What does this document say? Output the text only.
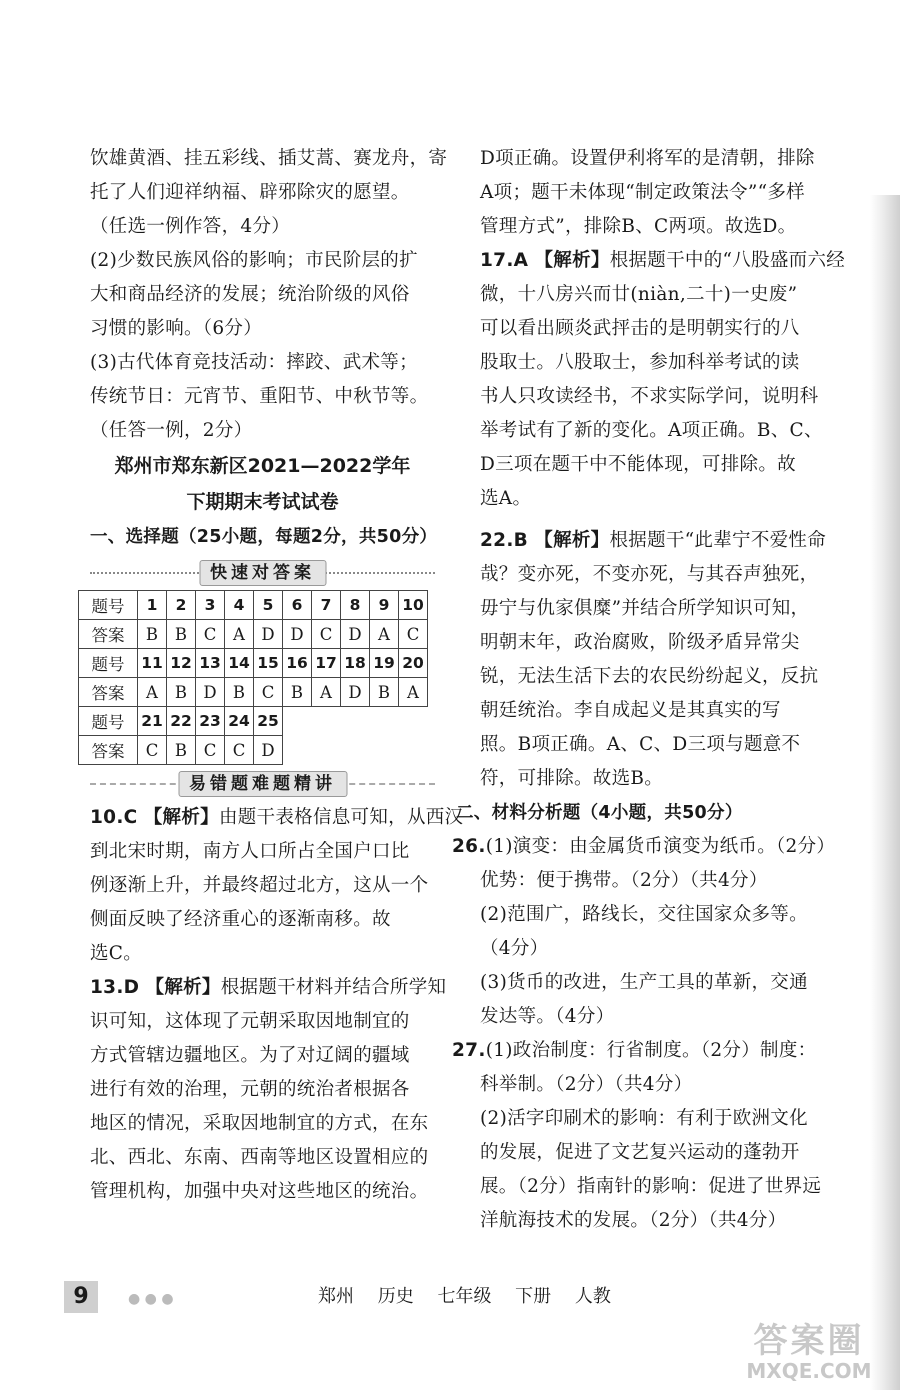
饮雄黄酒、挂五彩线、插艾蒿、赛龙舟，寄

托了人们迎祥纳福、辟邪除灾的愿望。

（任选一例作答，4分）

(2)少数民族风俗的影响；市民阶层的扩

大和商品经济的发展；统治阶级的风俗

习惯的影响。（6分）

(3)古代体育竞技活动：摔跤、武术等；

传统节日：元宵节、重阳节、中秋节等。

（任答一例，2分）

郑州市郑东新区2021—2022学年

下期期末考试试卷

一、选择题（25小题，每题2分，共50分）

快速对答案
题号	1	2	3	4	5	6	7	8	9	10
答案	B	B	C	A	D	D	C	D	A	C
题号	11	12	13	14	15	16	17	18	19	20
答案	A	B	D	B	C	B	A	D	B	A
题号	21	22	23	24	25					
答案	C	B	C	C	D					
易错题难题精讲

10.C 【解析】由题干表格信息可知，从西汉

到北宋时期，南方人口所占全国户口比

例逐渐上升，并最终超过北方，这从一个

侧面反映了经济重心的逐渐南移。故

选C。

13.D 【解析】根据题干材料并结合所学知

识可知，这体现了元朝采取因地制宜的

方式管辖边疆地区。为了对辽阔的疆域

进行有效的治理，元朝的统治者根据各

地区的情况，采取因地制宜的方式，在东

北、西北、东南、西南等地区设置相应的

管理机构，加强中央对这些地区的统治。

D项正确。设置伊利将军的是清朝，排除

A项；题干未体现“制定政策法令”“多样

管理方式”，排除B、C两项。故选D。

17.A 【解析】根据题干中的“八股盛而六经

微，十八房兴而廿(niàn,二十)一史废”

可以看出顾炎武抨击的是明朝实行的八

股取士。八股取士，参加科举考试的读

书人只攻读经书，不求实际学问，说明科

举考试有了新的变化。A项正确。B、C、

D三项在题干中不能体现，可排除。故

选A。

22.B 【解析】根据题干“此辈宁不爱性命

哉？变亦死，不变亦死，与其吞声独死，

毋宁与仇家俱糜”并结合所学知识可知，

明朝末年，政治腐败，阶级矛盾异常尖

锐，无法生活下去的农民纷纷起义，反抗

朝廷统治。李自成起义是其真实的写

照。B项正确。A、C、D三项与题意不

符，可排除。故选B。

二、材料分析题（4小题，共50分）

26.(1)演变：由金属货币演变为纸币。（2分）

优势：便于携带。（2分）（共4分）

(2)范围广，路线长，交往国家众多等。

（4分）

(3)货币的改进，生产工具的革新，交通

发达等。（4分）

27.(1)政治制度：行省制度。（2分）制度：

科举制。（2分）（共4分）

(2)活字印刷术的影响：有利于欧洲文化

的发展，促进了文艺复兴运动的蓬勃开

展。（2分）指南针的影响：促进了世界远

洋航海技术的发展。（2分）（共4分）

9	● ● ●	郑州 历史 七年级 下册 人教
答案圈
MXQE.COM
